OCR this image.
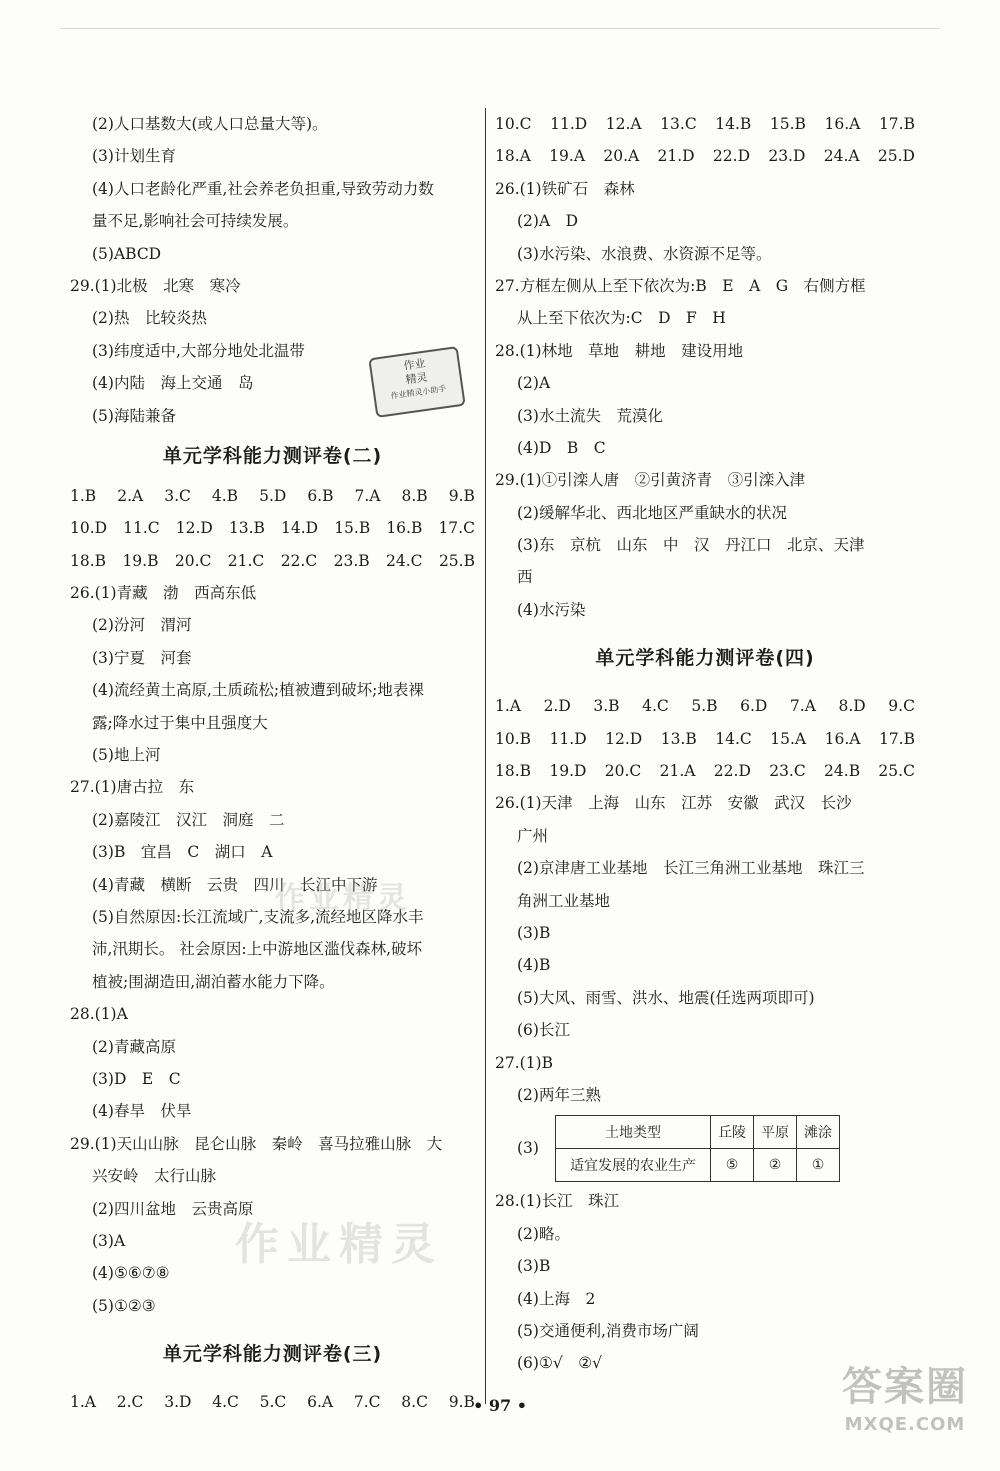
(2)人口基数大(或人口总量大等)。
(3)计划生育
(4)人口老龄化严重,社会养老负担重,导致劳动力数
量不足,影响社会可持续发展。
(5)ABCD
29.(1)北极　北寒　寒冷
(2)热　比较炎热
(3)纬度适中,大部分地处北温带
(4)内陆　海上交通　岛
(5)海陆兼备
单元学科能力测评卷(二)
1.B 2.A 3.C 4.B 5.D 6.B 7.A 8.B 9.B
10.D 11.C 12.D 13.B 14.D 15.B 16.B 17.C
18.B 19.B 20.C 21.C 22.C 23.B 24.C 25.B
26.(1)青藏　渤　西高东低
(2)汾河　渭河
(3)宁夏　河套
(4)流经黄土高原,土质疏松;植被遭到破坏;地表裸
露;降水过于集中且强度大
(5)地上河
27.(1)唐古拉　东
(2)嘉陵江　汉江　洞庭　二
(3)B　宜昌　C　湖口　A
(4)青藏　横断　云贵　四川　长江中下游
(5)自然原因:长江流域广,支流多,流经地区降水丰
沛,汛期长。 社会原因:上中游地区滥伐森林,破坏
植被;围湖造田,湖泊蓄水能力下降。
28.(1)A
(2)青藏高原
(3)D　E　C
(4)春旱　伏旱
29.(1)天山山脉　昆仑山脉　秦岭　喜马拉雅山脉　大
兴安岭　太行山脉
(2)四川盆地　云贵高原
(3)A
(4)⑤⑥⑦⑧
(5)①②③
单元学科能力测评卷(三)
1.A 2.C 3.D 4.C 5.C 6.A 7.C 8.C 9.B
10.C 11.D 12.A 13.C 14.B 15.B 16.A 17.B
18.A 19.A 20.A 21.D 22.D 23.D 24.A 25.D
26.(1)铁矿石　森林
(2)A　D
(3)水污染、水浪费、水资源不足等。
27.方框左侧从上至下依次为:B　E　A　G　右侧方框
从上至下依次为:C　D　F　H
28.(1)林地　草地　耕地　建设用地
(2)A
(3)水土流失　荒漠化
(4)D　B　C
29.(1)①引滦人唐　②引黄济青　③引滦入津
(2)缓解华北、西北地区严重缺水的状况
(3)东　京杭　山东　中　汉　丹江口　北京、天津
西
(4)水污染
单元学科能力测评卷(四)
1.A 2.D 3.B 4.C 5.B 6.D 7.A 8.D 9.C
10.B 11.D 12.D 13.B 14.C 15.A 16.A 17.B
18.B 19.D 20.C 21.A 22.D 23.C 24.B 25.C
26.(1)天津　上海　山东　江苏　安徽　武汉　长沙
广州
(2)京津唐工业基地　长江三角洲工业基地　珠江三
角洲工业基地
(3)B
(4)B
(5)大风、雨雪、洪水、地震(任选两项即可)
(6)长江
27.(1)B
(2)两年三熟
(3)
土地类型	丘陵	平原	滩涂
适宜发展的农业生产	⑤	②	①
28.(1)长江　珠江
(2)略。
(3)B
(4)上海　2
(5)交通便利,消费市场广阔
(6)①√　②√
• 97 •
作业
精灵
作业精灵小助手
作业精灵
作业精灵
答案圈
MXQE.COM
